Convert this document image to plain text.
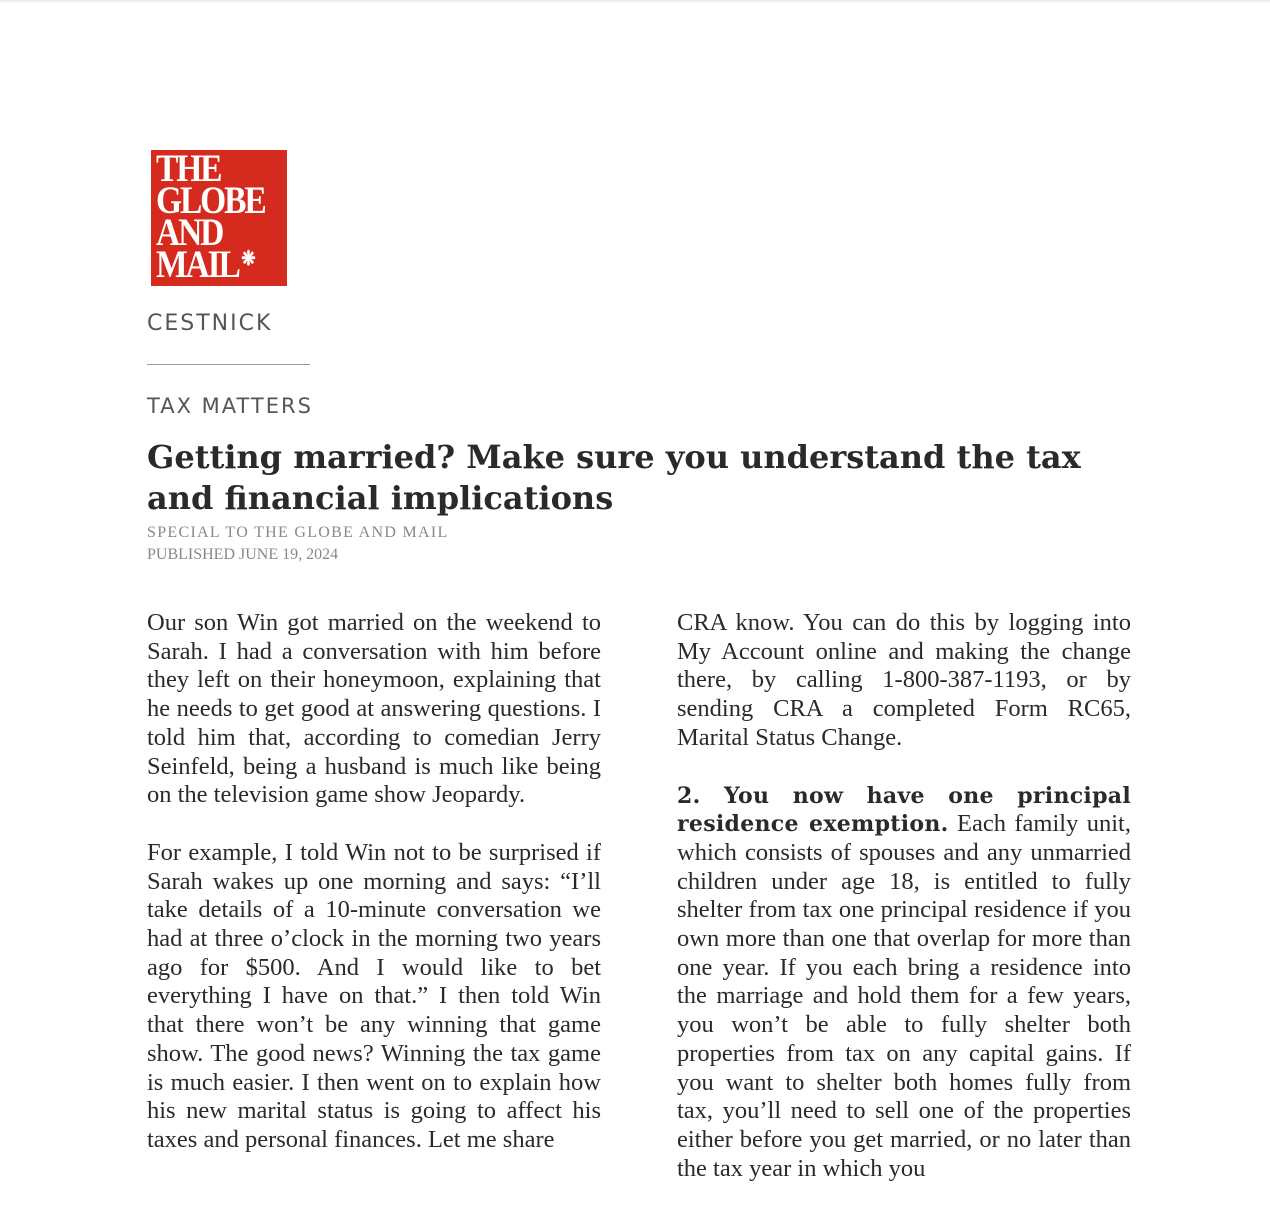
THE
GLOBE
AND
MAIL ❋
CESTNICK
TAX MATTERS
Getting married? Make sure you understand the tax and financial implications
SPECIAL TO THE GLOBE AND MAIL
PUBLISHED JUNE 19, 2024

Our son Win got married on the weekend to Sarah. I had a conversation with him before they left on their honeymoon, explaining that he needs to get good at answering questions. I told him that, according to comedian Jerry Seinfeld, being a husband is much like being on the television game show Jeopardy.

For example, I told Win not to be surprised if Sarah wakes up one morning and says: “I’ll take details of a 10-minute conversation we had at three o’clock in the morning two years ago for $500. And I would like to bet everything I have on that.” I then told Win that there won’t be any winning that game show. The good news? Winning the tax game is much easier. I then went on to explain how his new marital status is going to affect his taxes and personal finances. Let me share

CRA know. You can do this by logging into My Account online and making the change there, by calling 1-800-387-1193, or by sending CRA a completed Form RC65, Marital Status Change.

2. You now have one principal residence exemption. Each family unit, which consists of spouses and any unmarried children under age 18, is entitled to fully shelter from tax one principal residence if you own more than one that overlap for more than one year. If you each bring a residence into the marriage and hold them for a few years, you won’t be able to fully shelter both properties from tax on any capital gains. If you want to shelter both homes fully from tax, you’ll need to sell one of the properties either before you get married, or no later than the tax year in which you
